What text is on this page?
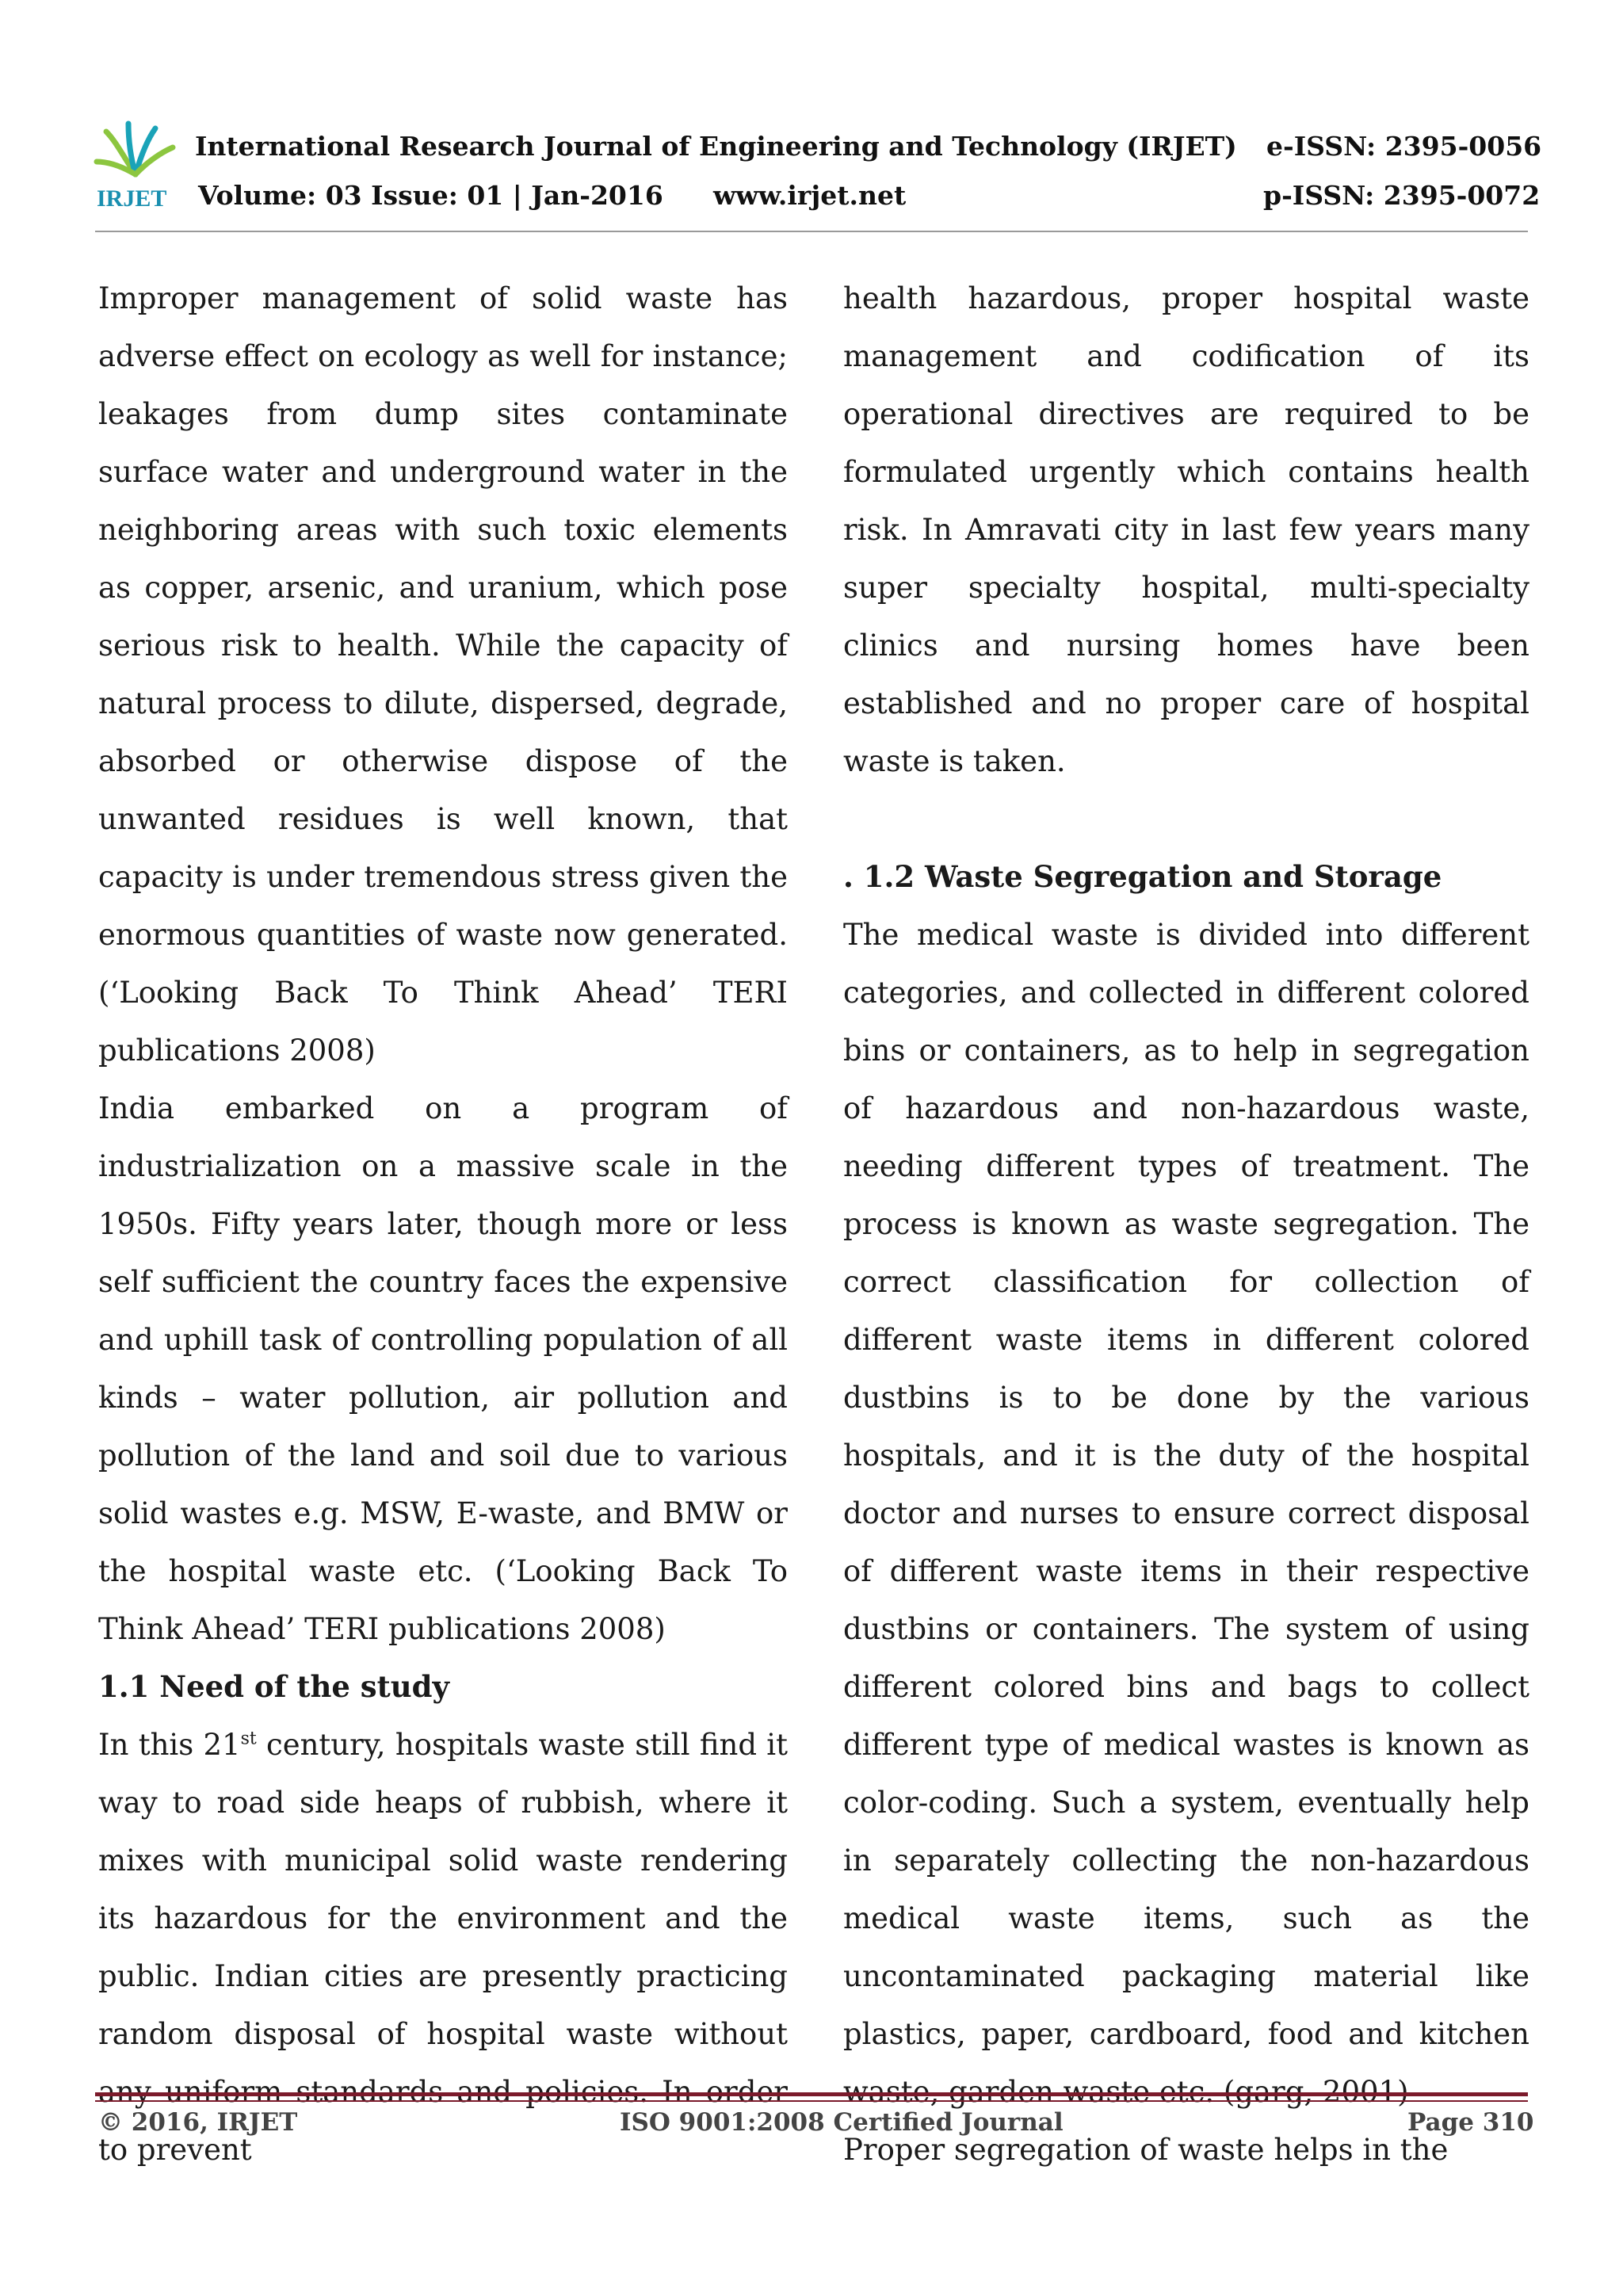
IRJET
International Research Journal of Engineering and Technology (IRJET) e-ISSN: 2395-0056
Volume: 03 Issue: 01 | Jan-2016 www.irjet.net	p-ISSN: 2395-0072

Improper management of solid waste has adverse effect on ecology as well for instance; leakages from dump sites contaminate surface water and underground water in the neighboring areas with such toxic elements as copper, arsenic, and uranium, which pose serious risk to health. While the capacity of natural process to dilute, dispersed, degrade, absorbed or otherwise dispose of the unwanted residues is well known, that capacity is under tremendous stress given the enormous quantities of waste now generated. (‘Looking Back To Think Ahead’ TERI publications 2008)

India embarked on a program of industrialization on a massive scale in the 1950s. Fifty years later, though more or less self sufficient the country faces the expensive and uphill task of controlling population of all kinds – water pollution, air pollution and pollution of the land and soil due to various solid wastes e.g. MSW, E-waste, and BMW or the hospital waste etc. (‘Looking Back To Think Ahead’ TERI publications 2008)

1.1 Need of the study

In this 21st century, hospitals waste still find it way to road side heaps of rubbish, where it mixes with municipal solid waste rendering its hazardous for the environment and the public. Indian cities are presently practicing random disposal of hospital waste without to prevent

health hazardous, proper hospital waste management and codification of its operational directives are required to be formulated urgently which contains health risk. In Amravati city in last few years many super specialty hospital, multi-specialty clinics and nursing homes have been established and no proper care of hospital waste is taken.

. 1.2 Waste Segregation and Storage

The medical waste is divided into different categories, and collected in different colored bins or containers, as to help in segregation of hazardous and non-hazardous waste, needing different types of treatment. The process is known as waste segregation. The correct classification for collection of different waste items in different colored dustbins is to be done by the various hospitals, and it is the duty of the hospital doctor and nurses to ensure correct disposal of different waste items in their respective dustbins or containers. The system of using different colored bins and bags to collect different type of medical wastes is known as color-coding. Such a system, eventually help in separately collecting the non-hazardous medical waste items, such as the uncontaminated packaging material like plastics, paper, cardboard, food and kitchen

Proper segregation of waste helps in the

© 2016, IRJET	ISO 9001:2008 Certified Journal	Page 310
